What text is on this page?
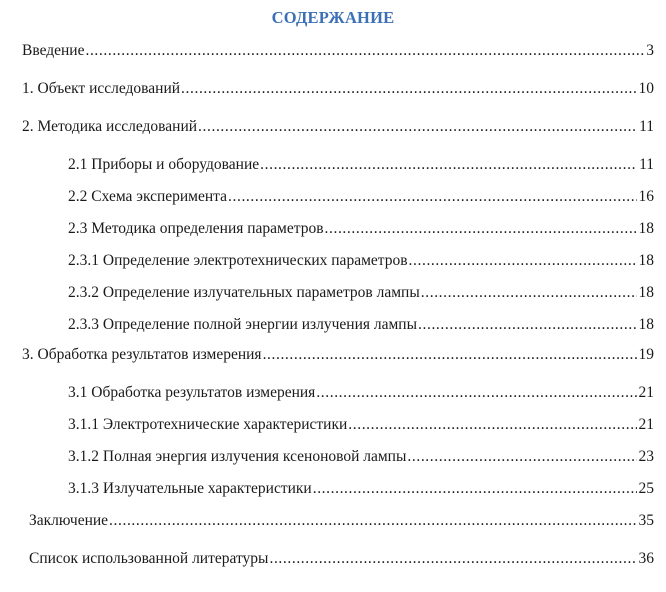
СОДЕРЖАНИЕ
Введение .....	3
1. Объект исследований .....	10
2. Методика исследований .....	11
2.1 Приборы и оборудование .....	11
2.2 Схема эксперимента .....	16
2.3 Методика определения параметров .....	18
2.3.1 Определение электротехнических параметров .....	18
2.3.2 Определение излучательных параметров лампы .....	18
2.3.3 Определение полной энергии излучения лампы .....	18
3. Обработка результатов измерения .....	19
3.1 Обработка результатов измерения .....	21
3.1.1 Электротехнические характеристики .....	21
3.1.2 Полная энергия излучения ксеноновой лампы .....	23
3.1.3 Излучательные характеристики .....	25
Заключение .....	35
Список использованной литературы .....	36
